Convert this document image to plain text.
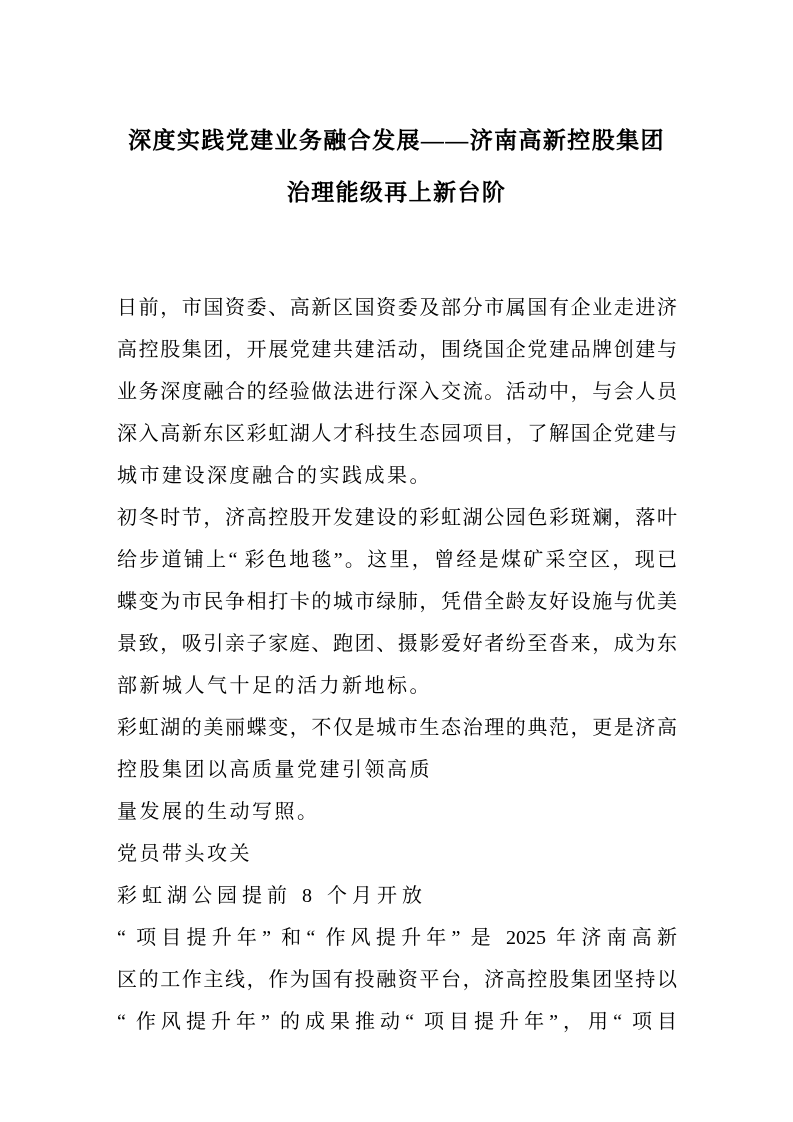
深度实践党建业务融合发展——济南高新控股集团
治理能级再上新台阶
日前，市国资委、高新区国资委及部分市属国有企业走进济
高控股集团，开展党建共建活动，围绕国企党建品牌创建与
业务深度融合的经验做法进行深入交流。活动中，与会人员
深入高新东区彩虹湖人才科技生态园项目，了解国企党建与
城市建设深度融合的实践成果。
初冬时节，济高控股开发建设的彩虹湖公园色彩斑斓，落叶
给步道铺上“ 彩色地毯”。这里，曾经是煤矿采空区，现已
蝶变为市民争相打卡的城市绿肺，凭借全龄友好设施与优美
景致，吸引亲子家庭、跑团、摄影爱好者纷至沓来，成为东
部新城人气十足的活力新地标。
彩虹湖的美丽蝶变，不仅是城市生态治理的典范，更是济高
控股集团以高质量党建引领高质
量发展的生动写照。
党员带头攻关
彩虹湖公园提前 8 个月开放
“ 项目提升年” 和“ 作风提升年” 是 2025 年济南高新
区的工作主线，作为国有投融资平台，济高控股集团坚持以
“ 作风提升年” 的成果推动“ 项目提升年”，用“ 项目
